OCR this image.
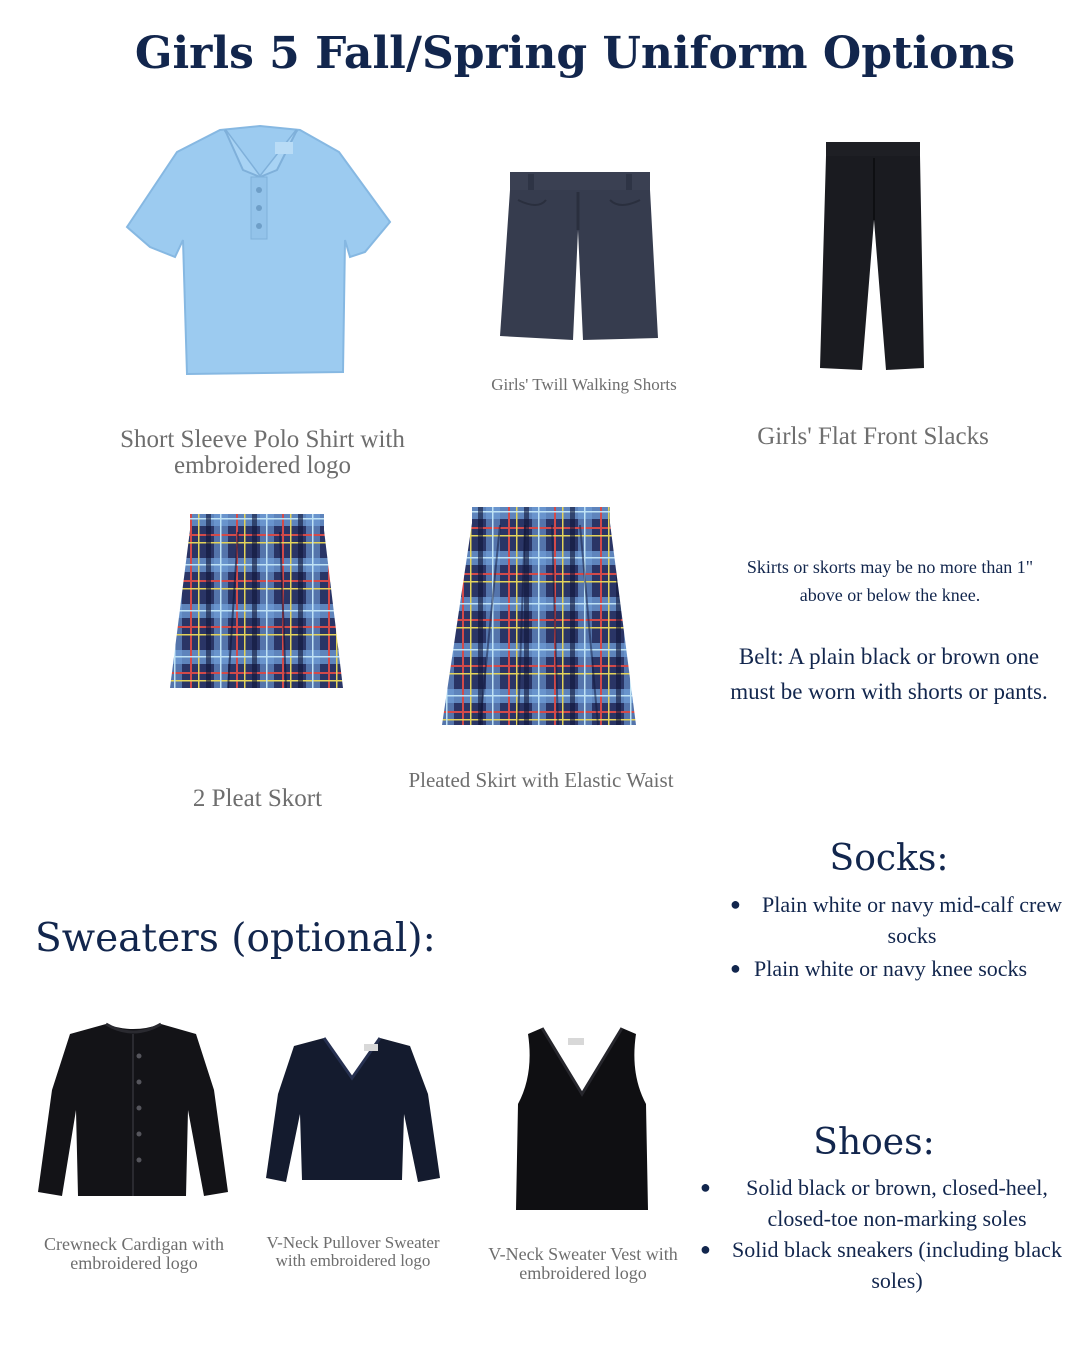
Girls 5 Fall/Spring Uniform Options
Short Sleeve Polo Shirt with embroidered logo
Girls' Twill Walking Shorts
Girls' Flat Front Slacks
2 Pleat Skort
Pleated Skirt with Elastic Waist
Skirts or skorts may be no more than 1" above or below the knee.
Belt: A plain black or brown one must be worn with shorts or pants.
Socks:
● Plain white or navy mid-calf crew socks
● Plain white or navy knee socks
Sweaters (optional):
Crewneck Cardigan with embroidered logo
V-Neck Pullover Sweater with embroidered logo	V-Neck Sweater Vest with embroidered logo
Shoes:
● Solid black or brown, closed-heel, closed-toe non-marking soles
● Solid black sneakers (including black soles)
